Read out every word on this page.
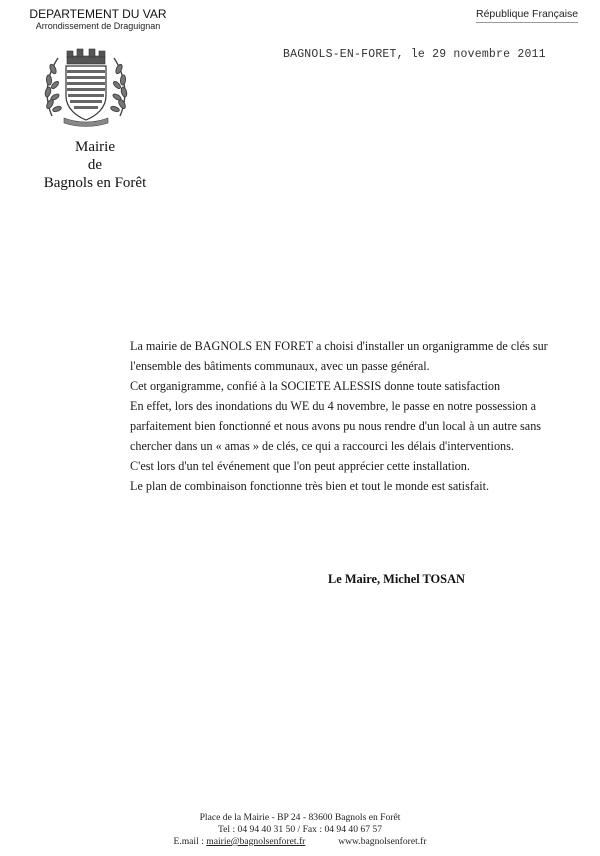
DEPARTEMENT DU VAR
Arrondissement de Draguignan
République Française
BAGNOLS-EN-FORET, le 29 novembre 2011
Mairie
de
Bagnols en Forêt

La mairie de BAGNOLS EN FORET a choisi d'installer un organigramme de clés sur l'ensemble des bâtiments communaux, avec un passe général.

Cet organigramme, confié à la SOCIETE ALESSIS donne toute satisfaction

En effet, lors des inondations du WE du 4 novembre, le passe en notre possession a parfaitement bien fonctionné et nous avons pu nous rendre d'un local à un autre sans chercher dans un « amas » de clés, ce qui a raccourci les délais d'interventions.

C'est lors d'un tel événement que l'on peut apprécier cette installation.

Le plan de combinaison fonctionne très bien et tout le monde est satisfait.

Le Maire, Michel TOSAN
Place de la Mairie - BP 24 - 83600 Bagnols en Forêt
Tel : 04 94 40 31 50 / Fax : 04 94 40 67 57
E.mail : mairie@bagnolsenforet.fr	www.bagnolsenforet.fr
